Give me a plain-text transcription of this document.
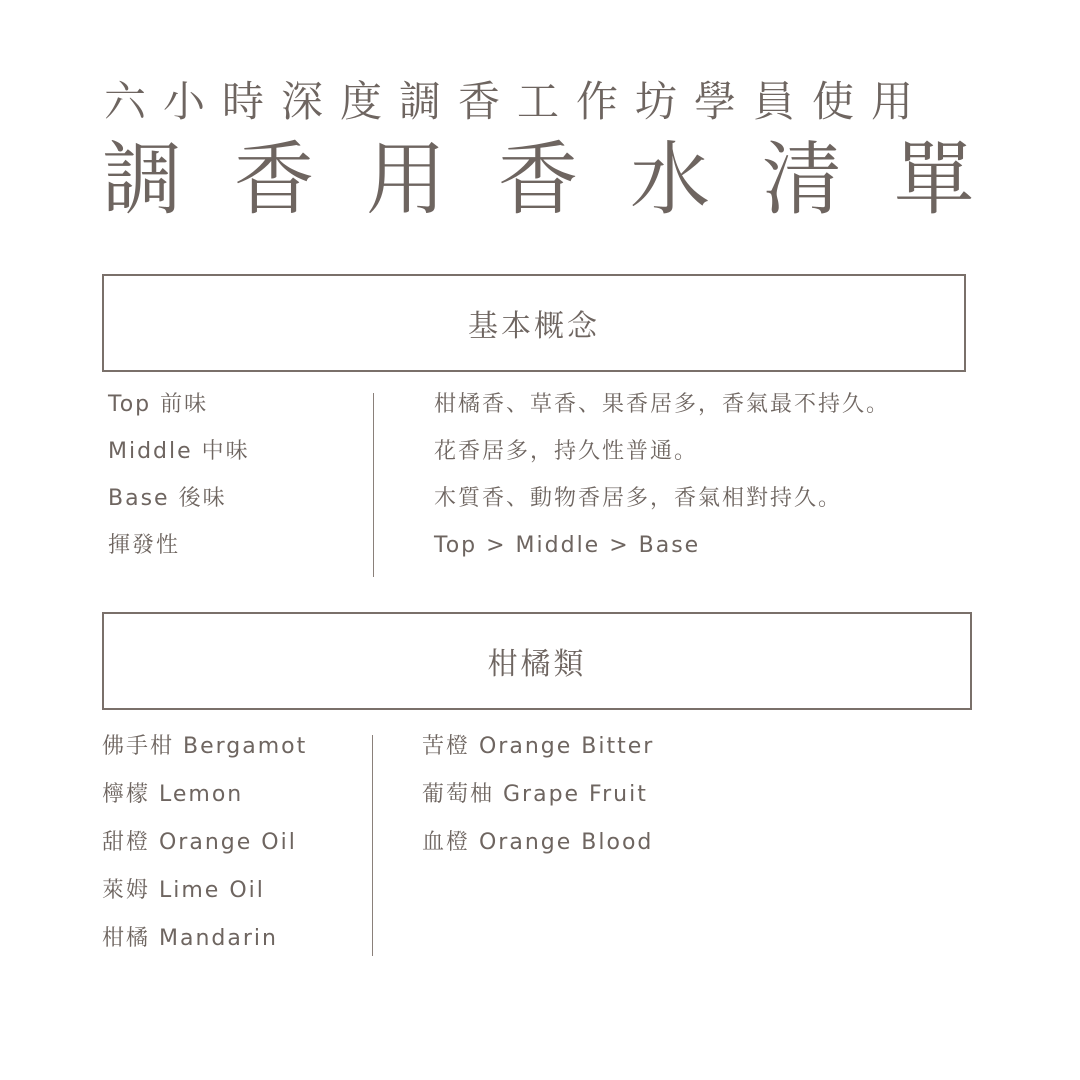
六小時深度調香工作坊學員使用
調香用香水清單
基本概念
Top 前味
Middle 中味
Base 後味
揮發性
柑橘香、草香、果香居多，香氣最不持久。
花香居多，持久性普通。
木質香、動物香居多，香氣相對持久。
Top > Middle > Base
柑橘類
佛手柑 Bergamot
檸檬 Lemon
甜橙 Orange Oil
萊姆 Lime Oil
柑橘 Mandarin
苦橙 Orange Bitter
葡萄柚 Grape Fruit
血橙 Orange Blood
